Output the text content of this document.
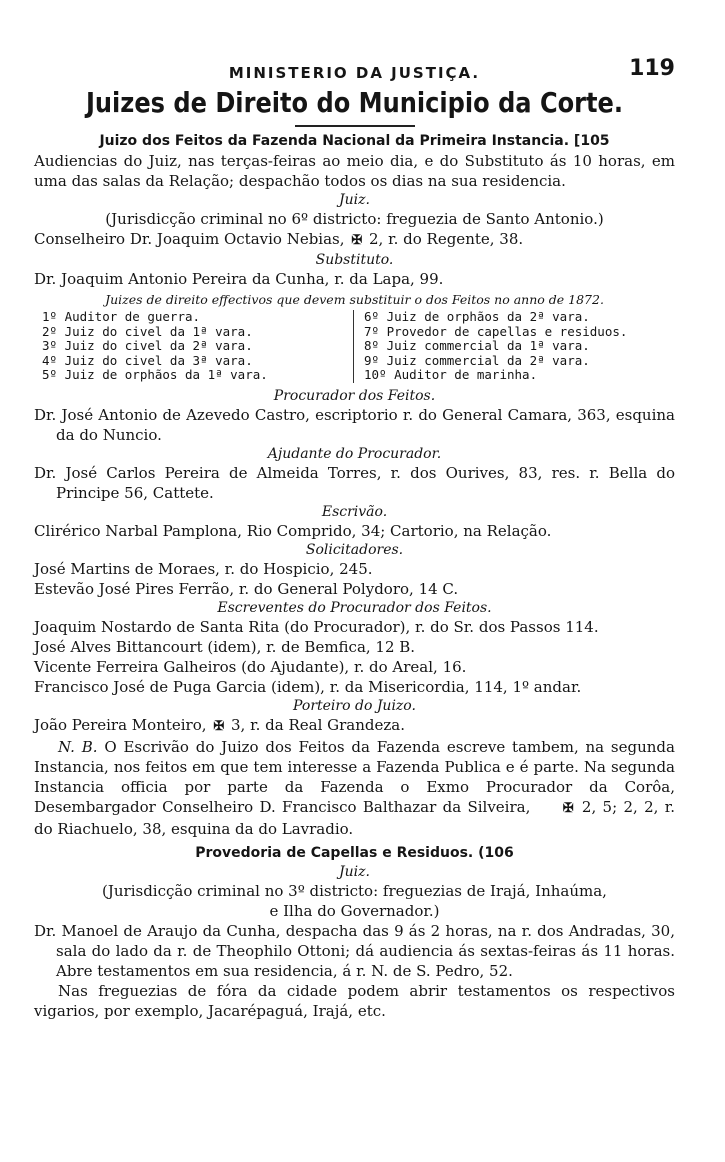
MINISTERIO DA JUSTIÇA.	119
Juizes de Direito do Municipio da Corte.
Juizo dos Feitos da Fazenda Nacional da Primeira Instancia. [105

Audiencias do Juiz, nas terças-feiras ao meio dia, e do Substituto ás 10 horas, em uma das salas da Relação; despachão todos os dias na sua residencia.

Juiz.

(Jurisdicção criminal no 6º districto: freguezia de Santo Antonio.)

Conselheiro Dr. Joaquim Octavio Nebias, ✠ 2, r. do Regente, 38.

Substituto.

Dr. Joaquim Antonio Pereira da Cunha, r. da Lapa, 99.

Juizes de direito effectivos que devem substituir o dos Feitos no anno de 1872.

1º Auditor de guerra.
2º Juiz do civel da 1ª vara.
3º Juiz do civel da 2ª vara.
4º Juiz do civel da 3ª vara.
5º Juiz de orphãos da 1ª vara.
6º Juiz de orphãos da 2ª vara.
7º Provedor de capellas e residuos.
8º Juiz commercial da 1ª vara.
9º Juiz commercial da 2ª vara.
10º Auditor de marinha.

Procurador dos Feitos.

Dr. José Antonio de Azevedo Castro, escriptorio r. do General Camara, 363, esquina da do Nuncio.

Ajudante do Procurador.

Dr. José Carlos Pereira de Almeida Torres, r. dos Ourives, 83, res. r. Bella do Principe 56, Cattete.

Escrivão.

Clirérico Narbal Pamplona, Rio Comprido, 34; Cartorio, na Relação.

Solicitadores.

José Martins de Moraes, r. do Hospicio, 245.

Estevão José Pires Ferrão, r. do General Polydoro, 14 C.

Escreventes do Procurador dos Feitos.

Joaquim Nostardo de Santa Rita (do Procurador), r. do Sr. dos Passos 114.

José Alves Bittancourt (idem), r. de Bemfica, 12 B.

Vicente Ferreira Galheiros (do Ajudante), r. do Areal, 16.

Francisco José de Puga Garcia (idem), r. da Misericordia, 114, 1º andar.

Porteiro do Juizo.

João Pereira Monteiro, ✠ 3, r. da Real Grandeza.

N. B. O Escrivão do Juizo dos Feitos da Fazenda escreve tambem, na segunda Instancia, nos feitos em que tem interesse a Fazenda Publica e é parte. Na segunda Instancia officia por parte da Fazenda o Exmo Procurador da Corôa, Desembargador Conselheiro D. Francisco Balthazar da Silveira, ✠ 2, 5; 2, 2, r. do Riachuelo, 38, esquina da do Lavradio.

Provedoria de Capellas e Residuos. (106

Juiz.

(Jurisdicção criminal no 3º districto: freguezias de Irajá, Inhaúma,

e Ilha do Governador.)

Dr. Manoel de Araujo da Cunha, despacha das 9 ás 2 horas, na r. dos Andradas, 30, sala do lado da r. de Theophilo Ottoni; dá audiencia ás sextas-feiras ás 11 horas. Abre testamentos em sua residencia, á r. N. de S. Pedro, 52.

Nas freguezias de fóra da cidade podem abrir testamentos os respectivos vigarios, por exemplo, Jacarépaguá, Irajá, etc.
